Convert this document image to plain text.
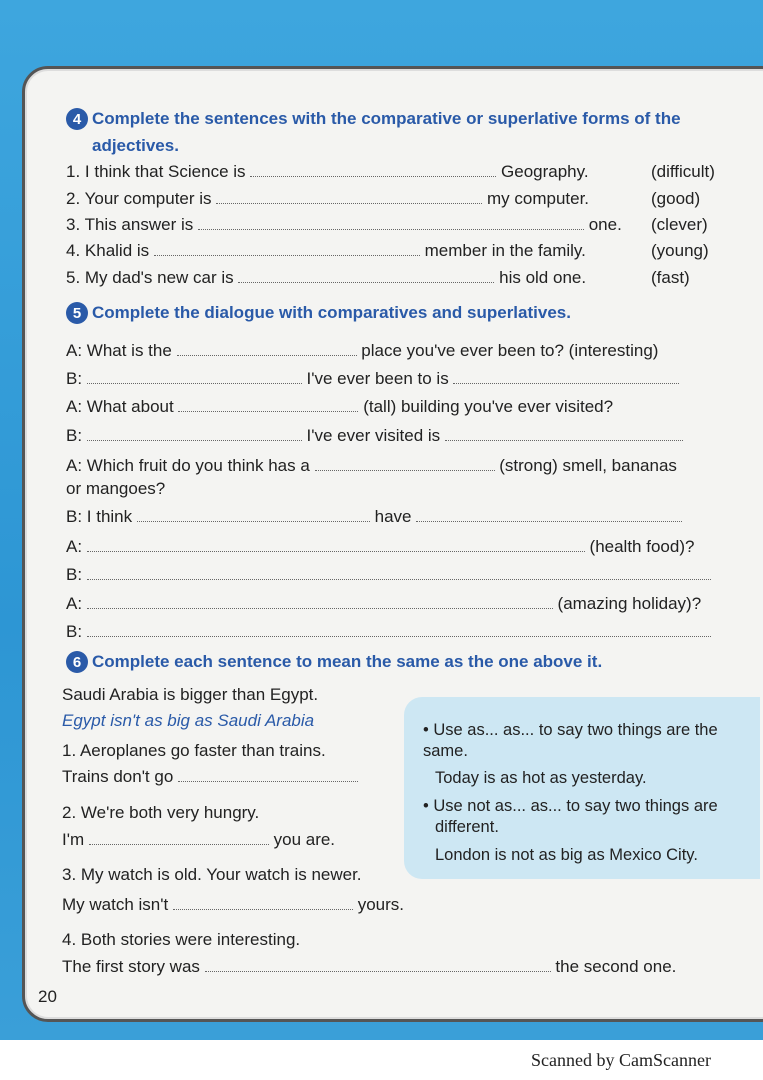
4 Complete the sentences with the comparative or superlative forms of the
adjectives.
1. I think that Science is	Geography.	(difficult)
2. Your computer is	my computer.	(good)
3. This answer is	one. (clever)
4. Khalid is	member in the family.	(young)
5. My dad's new car is	his old one.	(fast)
5 Complete the dialogue with comparatives and superlatives.
A: What is the	place you've ever been to? (interesting)
B:	I've ever been to is
A: What about	(tall) building you've ever visited?
B:	I've ever visited is
A: Which fruit do you think has a	(strong) smell, bananas
or mangoes?
B: I think	have
A:	(health food)?
B:
A:	(amazing holiday)?
B:
6 Complete each sentence to mean the same as the one above it.
• Use as... as... to say two things are the
same.
Today is as hot as yesterday.
• Use not as... as... to say two things are
different.
London is not as big as Mexico City.
Saudi Arabia is bigger than Egypt.
Egypt isn't as big as Saudi Arabia
1. Aeroplanes go faster than trains.
Trains don't go
2. We're both very hungry.
I'm	you are.
3. My watch is old. Your watch is newer.
My watch isn't	yours.
4. Both stories were interesting.
The first story was	the second one.
20
Scanned by CamScanner
